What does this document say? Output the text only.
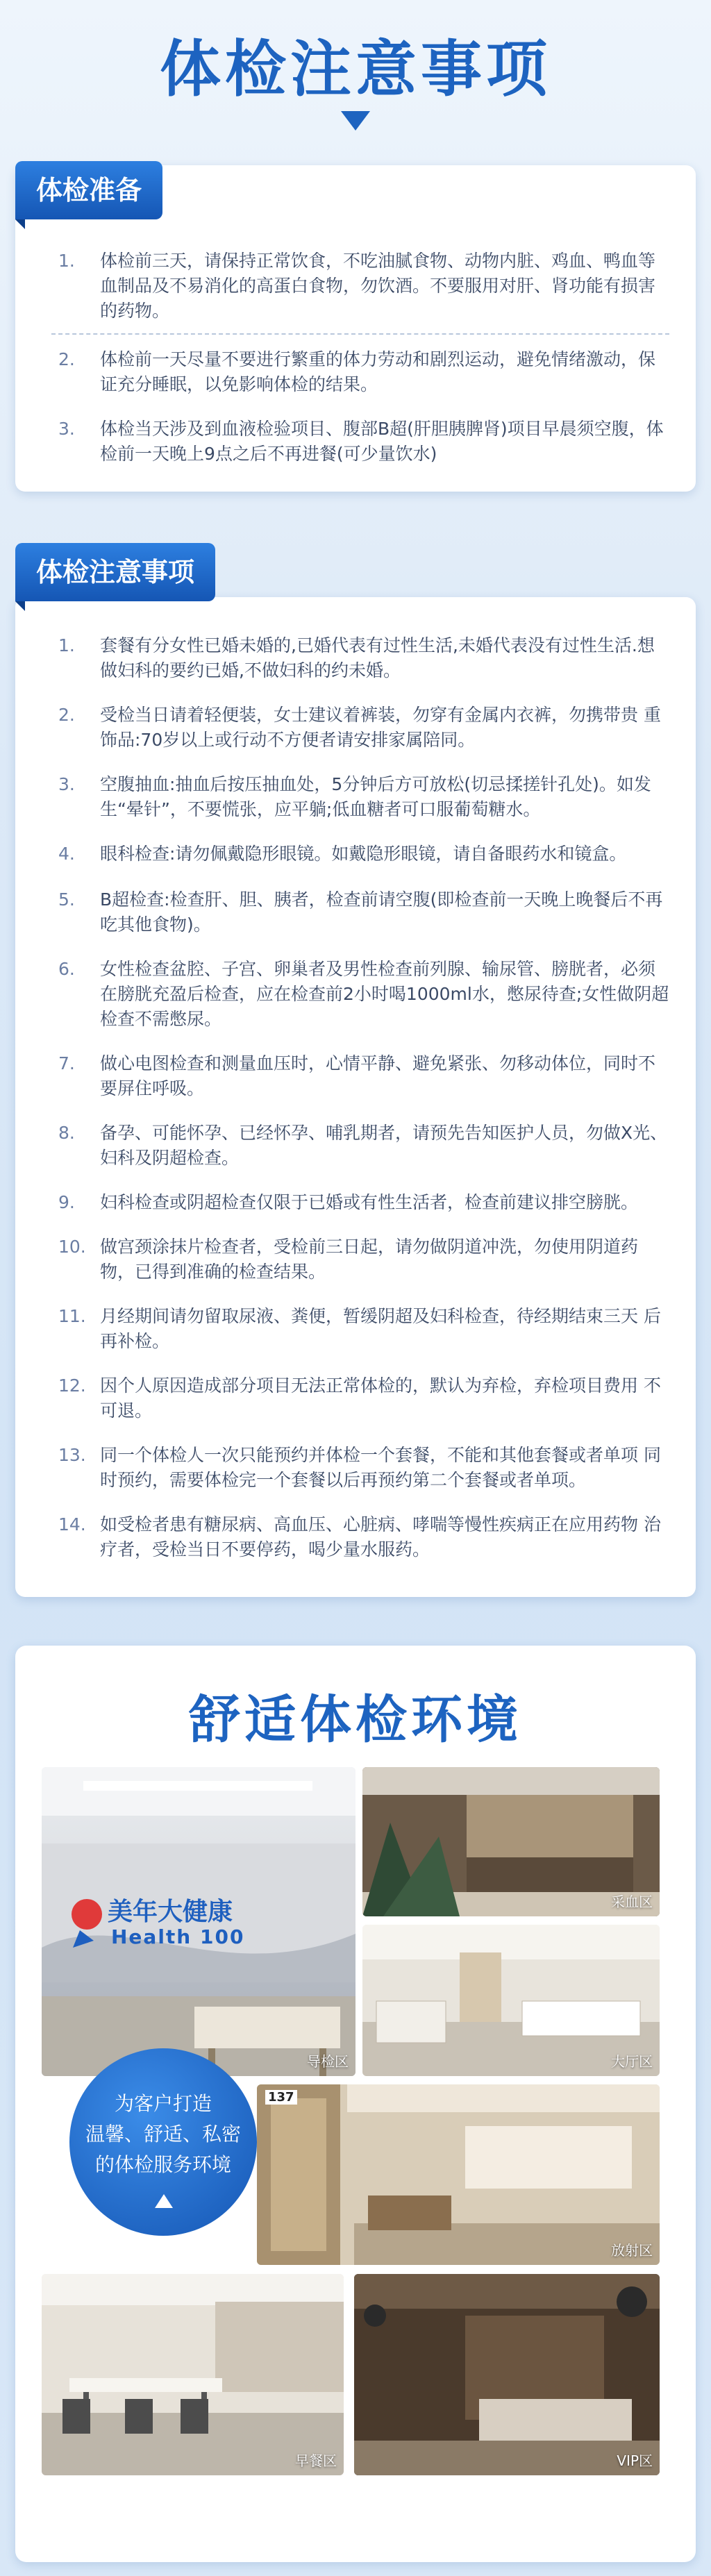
体检注意事项
1.	体检前三天，请保持正常饮食，不吃油腻食物、动物内脏、鸡血、鸭血等血制品及不易消化的高蛋白食物，勿饮酒。不要服用对肝、肾功能有损害的药物。
2.	体检前一天尽量不要进行繁重的体力劳动和剧烈运动，避免情绪激动，保证充分睡眠，以免影响体检的结果。
3.	体检当天涉及到血液检验项目、腹部B超(肝胆胰脾肾)项目早晨须空腹，体检前一天晚上9点之后不再进餐(可少量饮水)
体检准备
1.	套餐有分女性已婚未婚的,已婚代表有过性生活,未婚代表没有过性生活.想做妇科的要约已婚,不做妇科的约未婚。
2.	受检当日请着轻便装，女士建议着裤装，勿穿有金属内衣裤，勿携带贵 重饰品:70岁以上或行动不方便者请安排家属陪同。
3.	空腹抽血:抽血后按压抽血处，5分钟后方可放松(切忌揉搓针孔处)。如发生“晕针”，不要慌张，应平躺;低血糖者可口服葡萄糖水。
4.	眼科检查:请勿佩戴隐形眼镜。如戴隐形眼镜，请自备眼药水和镜盒。
5.	B超检查:检查肝、胆、胰者，检查前请空腹(即检查前一天晚上晚餐后不再吃其他食物)。
6.	女性检查盆腔、子宫、卵巢者及男性检查前列腺、输尿管、膀胱者，必须在膀胱充盈后检查，应在检查前2小时喝1000ml水，憋尿待查;女性做阴超检查不需憋尿。
7.	做心电图检查和测量血压时，心情平静、避免紧张、勿移动体位，同时不要屏住呼吸。
8.	备孕、可能怀孕、已经怀孕、哺乳期者，请预先告知医护人员，勿做X光、妇科及阴超检查。
9.	妇科检查或阴超检查仅限于已婚或有性生活者，检查前建议排空膀胱。
10. 做宫颈涂抹片检查者，受检前三日起，请勿做阴道冲洗，勿使用阴道药 物，已得到准确的检查结果。
11. 月经期间请勿留取尿液、粪便，暂缓阴超及妇科检查，待经期结束三天 后再补检。
12. 因个人原因造成部分项目无法正常体检的，默认为弃检，弃检项目费用 不可退。
13. 同一个体检人一次只能预约并体检一个套餐，不能和其他套餐或者单项 同时预约，需要体检完一个套餐以后再预约第二个套餐或者单项。
14. 如受检者患有糖尿病、高血压、心脏病、哮喘等慢性疾病正在应用药物 治疗者，受检当日不要停药，喝少量水服药。
体检注意事项
舒适体检环境
美年大健康
Health 100
导检区
采血区
大厅区
为客户打造
温馨、舒适、私密
的体检服务环境
137
放射区
早餐区	VIP区
